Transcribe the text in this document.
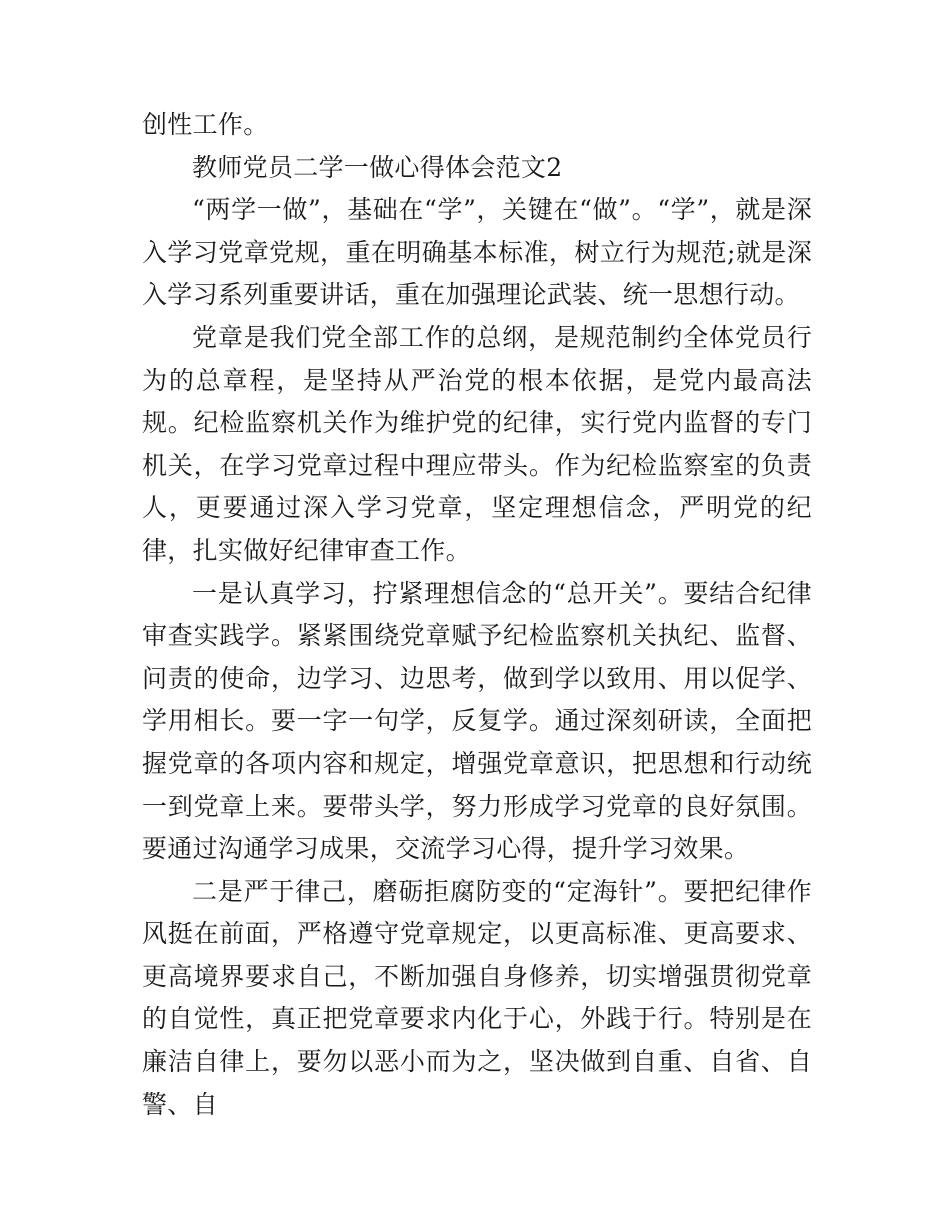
创性工作。

教师党员二学一做心得体会范文2

“两学一做”，基础在“学”，关键在“做”。“学”，就是深入学习党章党规，重在明确基本标准，树立行为规范;就是深入学习系列重要讲话，重在加强理论武装、统一思想行动。

党章是我们党全部工作的总纲，是规范制约全体党员行为的总章程，是坚持从严治党的根本依据，是党内最高法规。纪检监察机关作为维护党的纪律，实行党内监督的专门机关，在学习党章过程中理应带头。作为纪检监察室的负责人，更要通过深入学习党章，坚定理想信念，严明党的纪律，扎实做好纪律审查工作。

一是认真学习，拧紧理想信念的“总开关”。要结合纪律审查实践学。紧紧围绕党章赋予纪检监察机关执纪、监督、问责的使命，边学习、边思考，做到学以致用、用以促学、学用相长。要一字一句学，反复学。通过深刻研读，全面把握党章的各项内容和规定，增强党章意识，把思想和行动统一到党章上来。要带头学，努力形成学习党章的良好氛围。要通过沟通学习成果，交流学习心得，提升学习效果。

二是严于律己，磨砺拒腐防变的“定海针”。要把纪律作风挺在前面，严格遵守党章规定，以更高标准、更高要求、更高境界要求自己，不断加强自身修养，切实增强贯彻党章的自觉性，真正把党章要求内化于心，外践于行。特别是在廉洁自律上，要勿以恶小而为之，坚决做到自重、自省、自警、自
